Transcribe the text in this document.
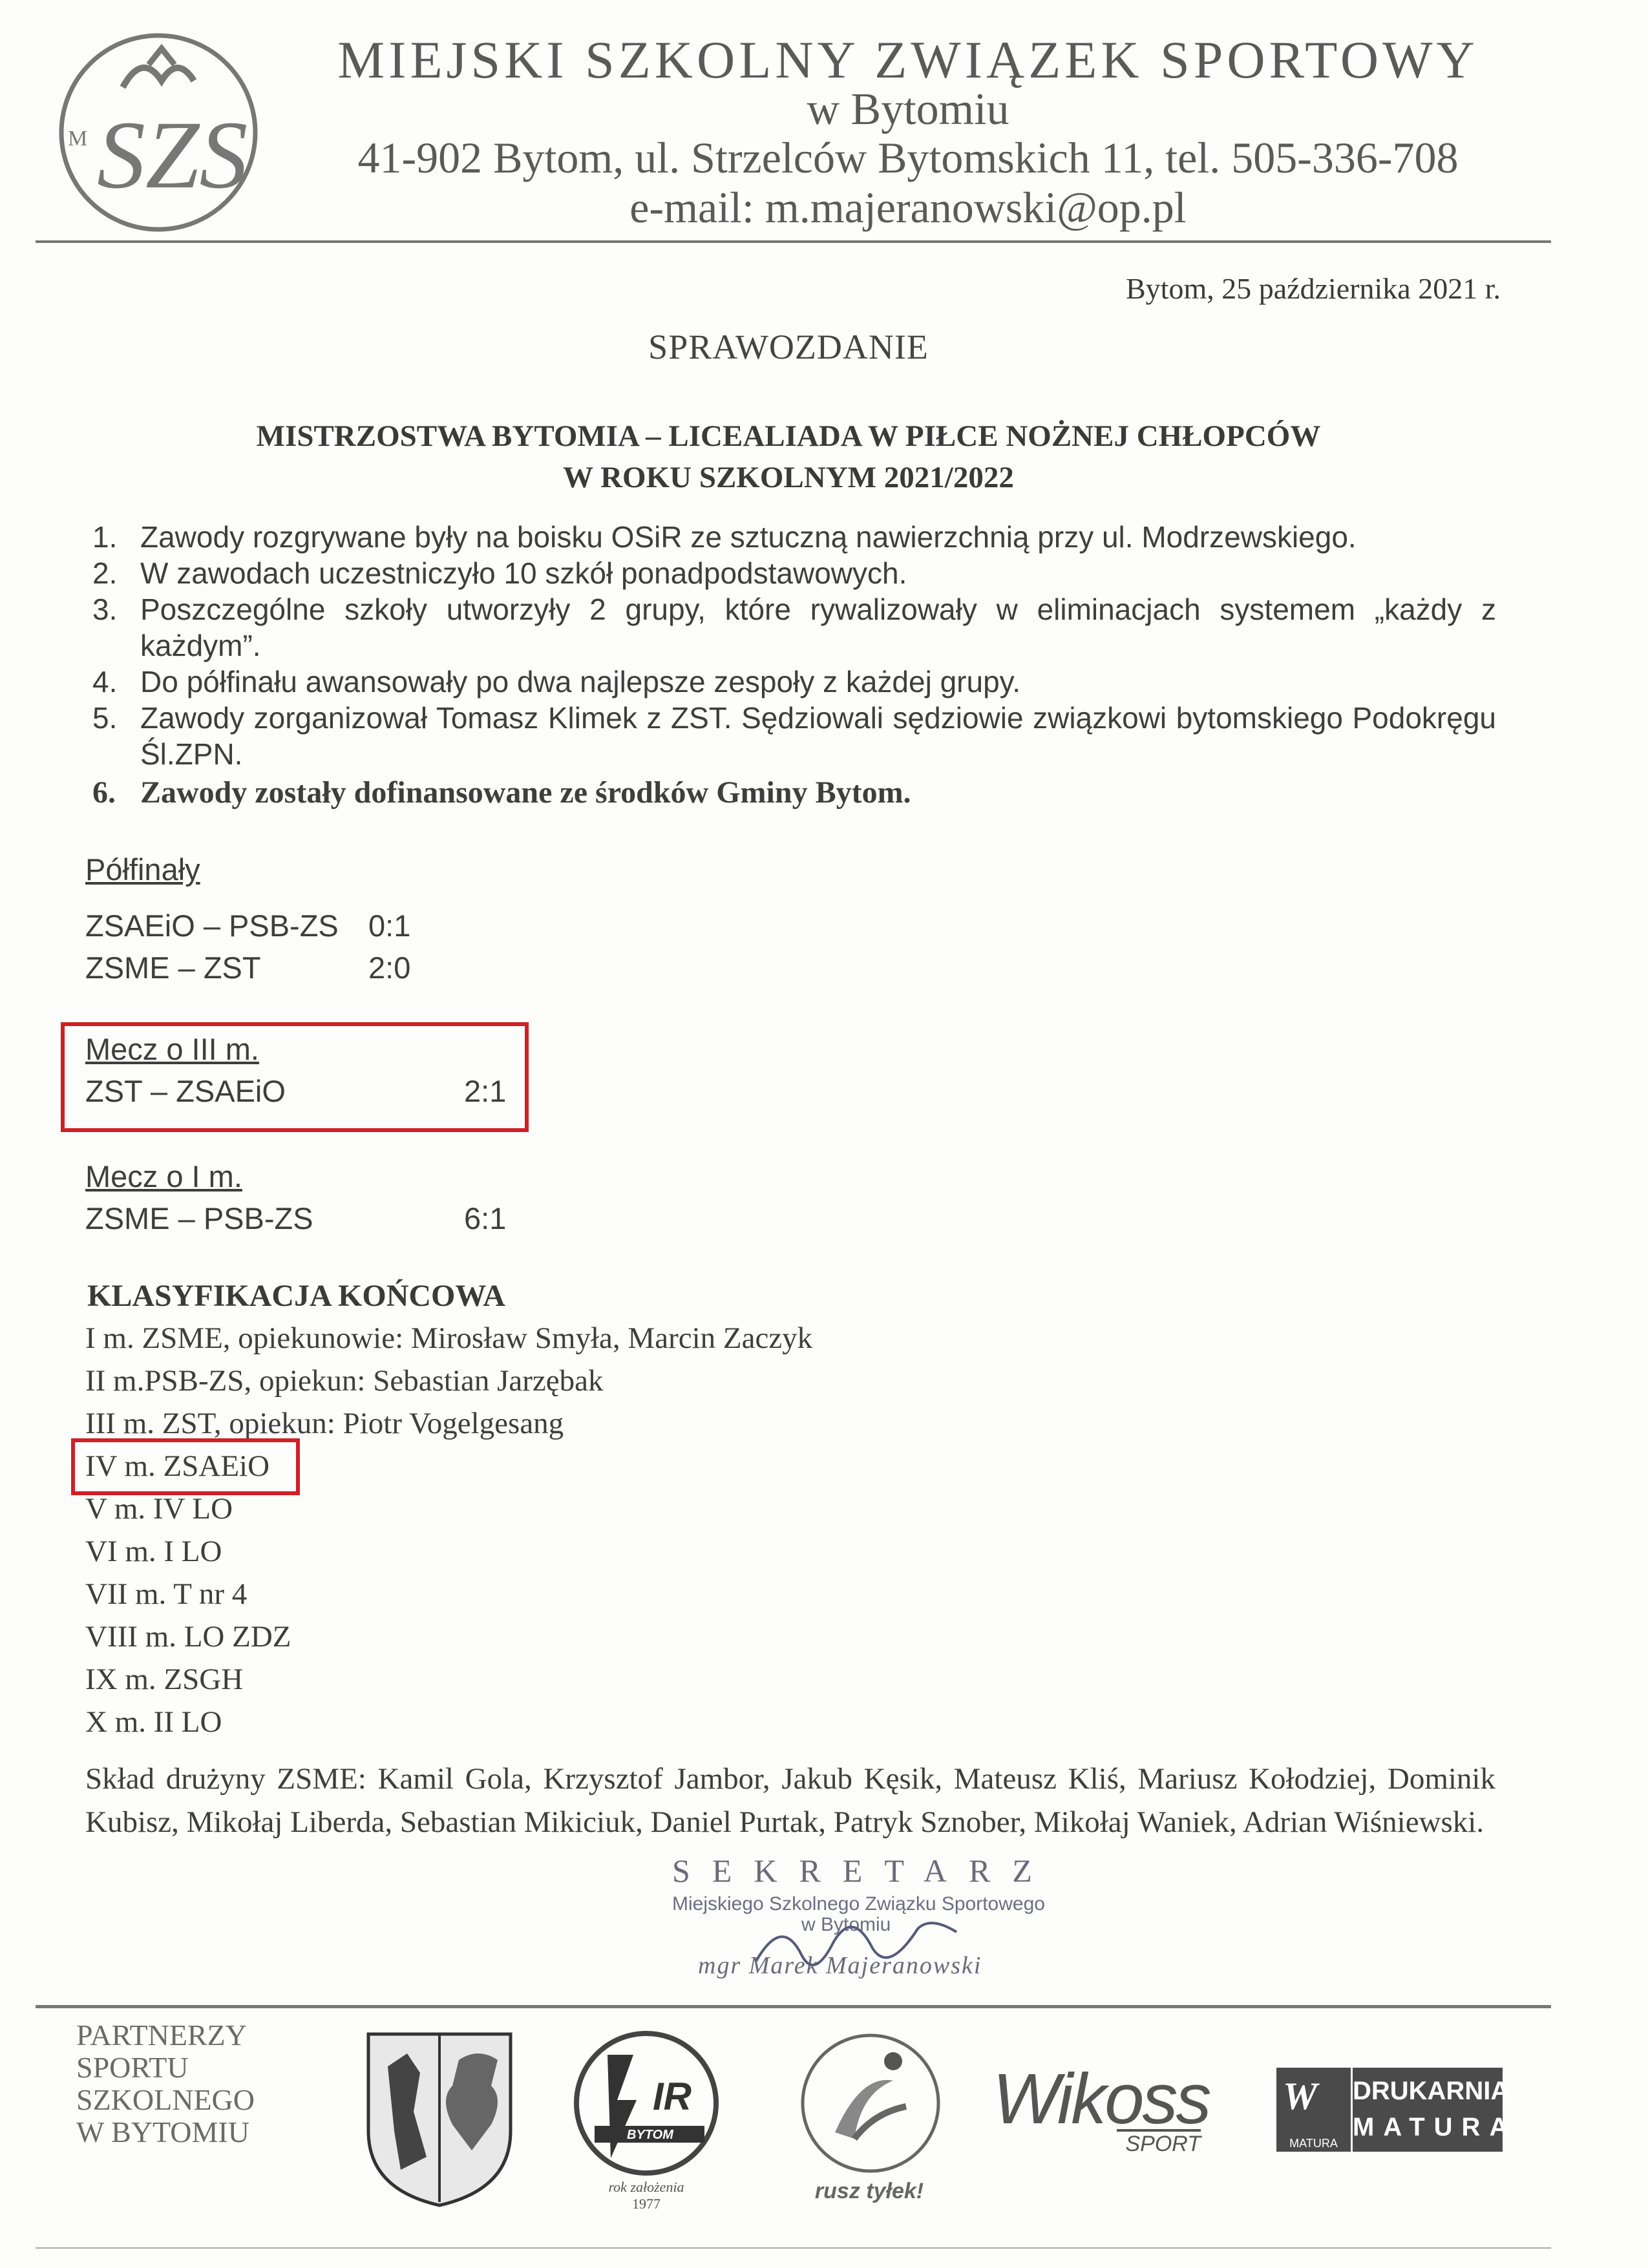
M SZS
MIEJSKI SZKOLNY ZWIĄZEK SPORTOWY
w Bytomiu
41-902 Bytom, ul. Strzelców Bytomskich 11, tel. 505-336-708
e-mail: m.majeranowski@op.pl
Bytom, 25 października 2021 r.
SPRAWOZDANIE
MISTRZOSTWA BYTOMIA – LICEALIADA W PIŁCE NOŻNEJ CHŁOPCÓW
W ROKU SZKOLNYM 2021/2022
1. Zawody rozgrywane były na boisku OSiR ze sztuczną nawierzchnią przy ul. Modrzewskiego.
2. W zawodach uczestniczyło 10 szkół ponadpodstawowych.
3. Poszczególne szkoły utworzyły 2 grupy, które rywalizowały w eliminacjach systemem „każdy z każdym”.
4. Do półfinału awansowały po dwa najlepsze zespoły z każdej grupy.
5. Zawody zorganizował Tomasz Klimek z ZST. Sędziowali sędziowie związkowi bytomskiego Podokręgu Śl.ZPN.
6. Zawody zostały dofinansowane ze środków Gminy Bytom.
Półfinały
ZSAEiO – PSB-ZS 0:1
ZSME – ZST	2:0
Mecz o III m.
ZST – ZSAEiO	2:1
Mecz o I m.
ZSME – PSB-ZS	6:1
KLASYFIKACJA KOŃCOWA
I m. ZSME, opiekunowie: Mirosław Smyła, Marcin Zaczyk
II m.PSB-ZS, opiekun: Sebastian Jarzębak
III m. ZST, opiekun: Piotr Vogelgesang
IV m. ZSAEiO
V m. IV LO
VI m. I LO
VII m. T nr 4
VIII m. LO ZDZ
IX m. ZSGH
X m. II LO
Skład drużyny ZSME: Kamil Gola, Krzysztof Jambor, Jakub Kęsik, Mateusz Kliś, Mariusz Kołodziej, Dominik Kubisz, Mikołaj Liberda, Sebastian Mikiciuk, Daniel Purtak, Patryk Sznober, Mikołaj Waniek, Adrian Wiśniewski.
SEKRETARZ
Miejskiego Szkolnego Związku Sportowego
w Bytomiu
mgr Marek Majeranowski
PARTNERZY
SPORTU
SZKOLNEGO
W BYTOMIU
IR
BYTOM
rok założenia
1977
rusz tyłek!
Wikoss
SPORT
W
MATURA
DRUKARNIA
MATURA
